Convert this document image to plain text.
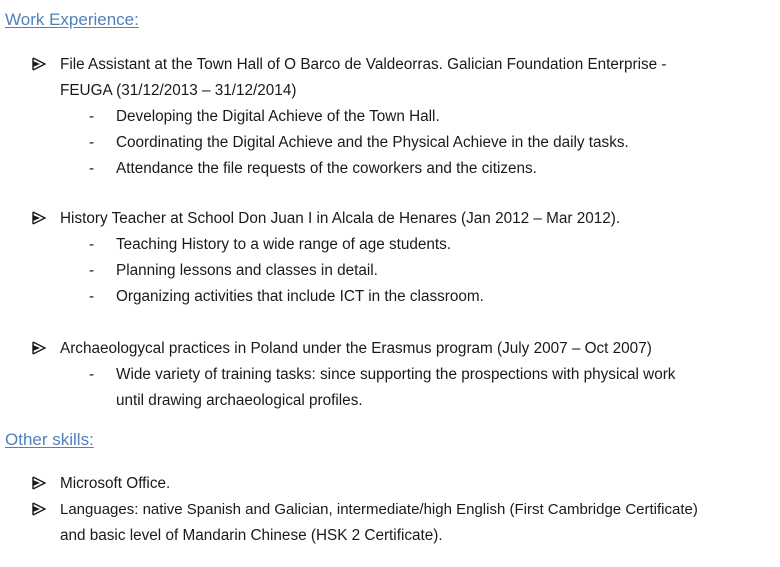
Work Experience:
File Assistant at the Town Hall of O Barco de Valdeorras. Galician Foundation Enterprise -
FEUGA (31/12/2013 – 31/12/2014)
- Developing the Digital Achieve of the Town Hall.
- Coordinating the Digital Achieve and the Physical Achieve in the daily tasks.
- Attendance the file requests of the coworkers and the citizens.
History Teacher at School Don Juan I in Alcala de Henares (Jan 2012 – Mar 2012).
- Teaching History to a wide range of age students.
- Planning lessons and classes in detail.
- Organizing activities that include ICT in the classroom.
Archaeologycal practices in Poland under the Erasmus program (July 2007 – Oct 2007)
- Wide variety of training tasks: since supporting the prospections with physical work
until drawing archaeological profiles.
Other skills:
Microsoft Office.
Languages: native Spanish and Galician, intermediate/high English (First Cambridge Certificate)
and basic level of Mandarin Chinese (HSK 2 Certificate).
